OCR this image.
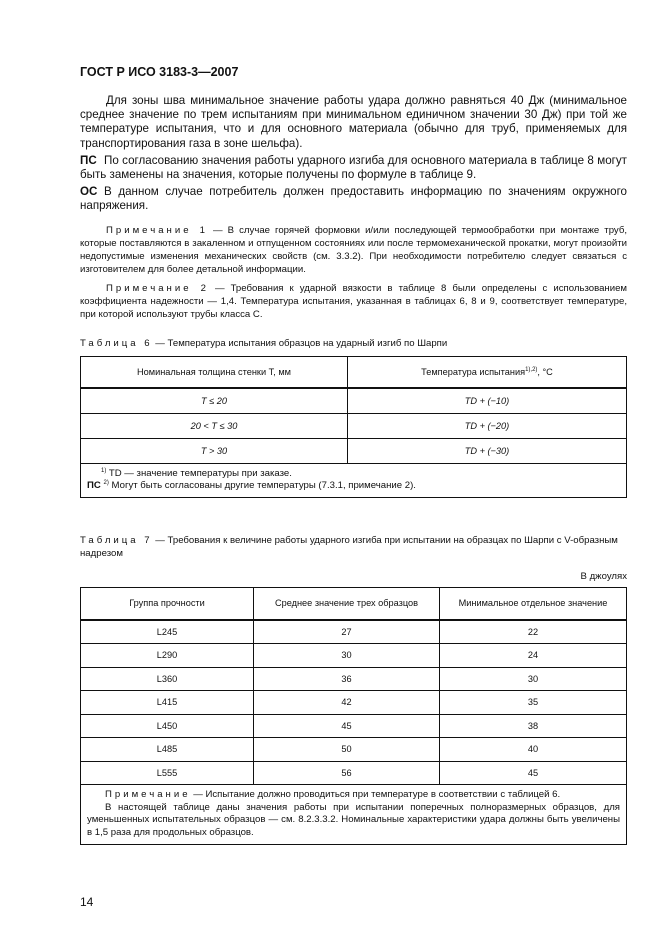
ГОСТ Р ИСО 3183-3—2007

Для зоны шва минимальное значение работы удара должно равняться 40 Дж (минимальное среднее значение по трем испытаниям при минимальном единичном значении 30 Дж) при той же температуре испытания, что и для основного материала (обычно для труб, применяемых для транспортирования газа в зоне шельфа).

ПС По согласованию значения работы ударного изгиба для основного материала в таблице 8 могут быть заменены на значения, которые получены по формуле в таблице 9.

ОС В данном случае потребитель должен предоставить информацию по значениям окружного напряжения.

Примечание 1 — В случае горячей формовки и/или последующей термообработки при монтаже труб, которые поставляются в закаленном и отпущенном состояниях или после термомеханической прокатки, могут произойти недопустимые изменения механических свойств (см. 3.3.2). При необходимости потребителю следует связаться с изготовителем для более детальной информации.

Примечание 2 — Требования к ударной вязкости в таблице 8 были определены с использованием коэффициента надежности — 1,4. Температура испытания, указанная в таблицах 6, 8 и 9, соответствует температуре, при которой используют трубы класса С.

Таблица 6 — Температура испытания образцов на ударный изгиб по Шарпи
Номинальная толщина стенки T, мм	Температура испытания$^{1),2)}$, °С
T ≤ 20	TD + (−10)
20 < T ≤ 30	TD + (−20)
T > 30	TD + (−30)

$^{1)}$ TD — значение температуры при заказе.
ПС $^{2)}$ Могут быть согласованы другие температуры (7.3.1, примечание 2).	
Таблица 7 — Требования к величине работы ударного изгиба при испытании на образцах по Шарпи с V-образным надрезом
В джоулях
Группа прочности	Среднее значение трех образцов	Минимальное отдельное значение
L245	27	22
L290	30	24
L360	36	30
L415	42	35
L450	45	38
L485	50	40
L555	56	45

Примечание — Испытание должно проводиться при температуре в соответствии с таблицей 6.

В настоящей таблице даны значения работы при испытании поперечных полноразмерных образцов, для уменьшенных испытательных образцов — см. 8.2.3.3.2. Номинальные характеристики удара должны быть увеличены в 1,5 раза для продольных образцов.		

14
